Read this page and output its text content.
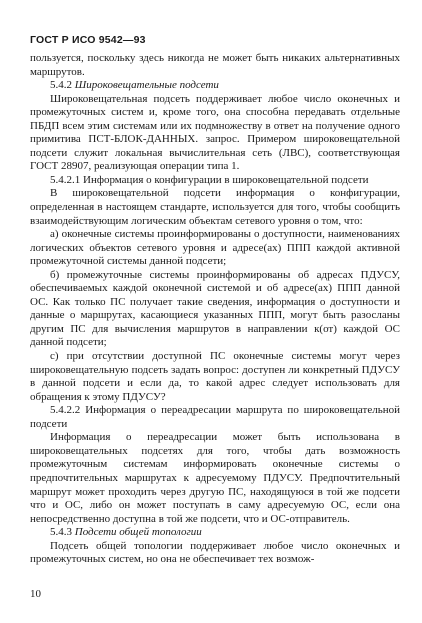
ГОСТ Р ИСО 9542—93

пользуется, поскольку здесь никогда не может быть никаких альтернативных маршрутов.

5.4.2 Широковещательные подсети

Широковещательная подсеть поддерживает любое число оконечных и промежуточных систем и, кроме того, она способна передавать отдельные ПБДП всем этим системам или их подмножеству в ответ на получение одного примитива ПСТ-БЛОК-ДАННЫХ. запрос. Примером широковещательной подсети служит локальная вычислительная сеть (ЛВС), соответствующая ГОСТ 28907, реализующая операции типа 1.

5.4.2.1 Информация о конфигурации в широковещательной подсети

В широковещательной подсети информация о конфигурации, определенная в настоящем стандарте, используется для того, чтобы сообщить взаимодействующим логическим объектам сетевого уровня о том, что:

а) оконечные системы проинформированы о доступности, наименованиях логических объектов сетевого уровня и адресе(ах) ППП каждой активной промежуточной системы данной подсети;

б) промежуточные системы проинформированы об адресах ПДУСУ, обеспечиваемых каждой оконечной системой и об адресе(ах) ППП данной ОС. Как только ПС получает такие сведения, информация о доступности и данные о маршрутах, касающиеся указанных ППП, могут быть разосланы другим ПС для вычисления маршрутов в направлении к(от) каждой ОС данной подсети;

с) при отсутствии доступной ПС оконечные системы могут через широковещательную подсеть задать вопрос: доступен ли конкретный ПДУСУ в данной подсети и если да, то какой адрес следует использовать для обращения к этому ПДУСУ?

5.4.2.2 Информация о переадресации маршрута по широковещательной подсети

Информация о переадресации может быть использована в широковещательных подсетях для того, чтобы дать возможность промежуточным системам информировать оконечные системы о предпочтительных маршрутах к адресуемому ПДУСУ. Предпочтительный маршрут может проходить через другую ПС, находящуюся в той же подсети что и ОС, либо он может поступать в саму адресуемую ОС, если она непосредственно доступна в той же подсети, что и ОС-отправитель.

5.4.3 Подсети общей топологии

Подсеть общей топологии поддерживает любое число оконечных и промежуточных систем, но она не обеспечивает тех возмож-

10
